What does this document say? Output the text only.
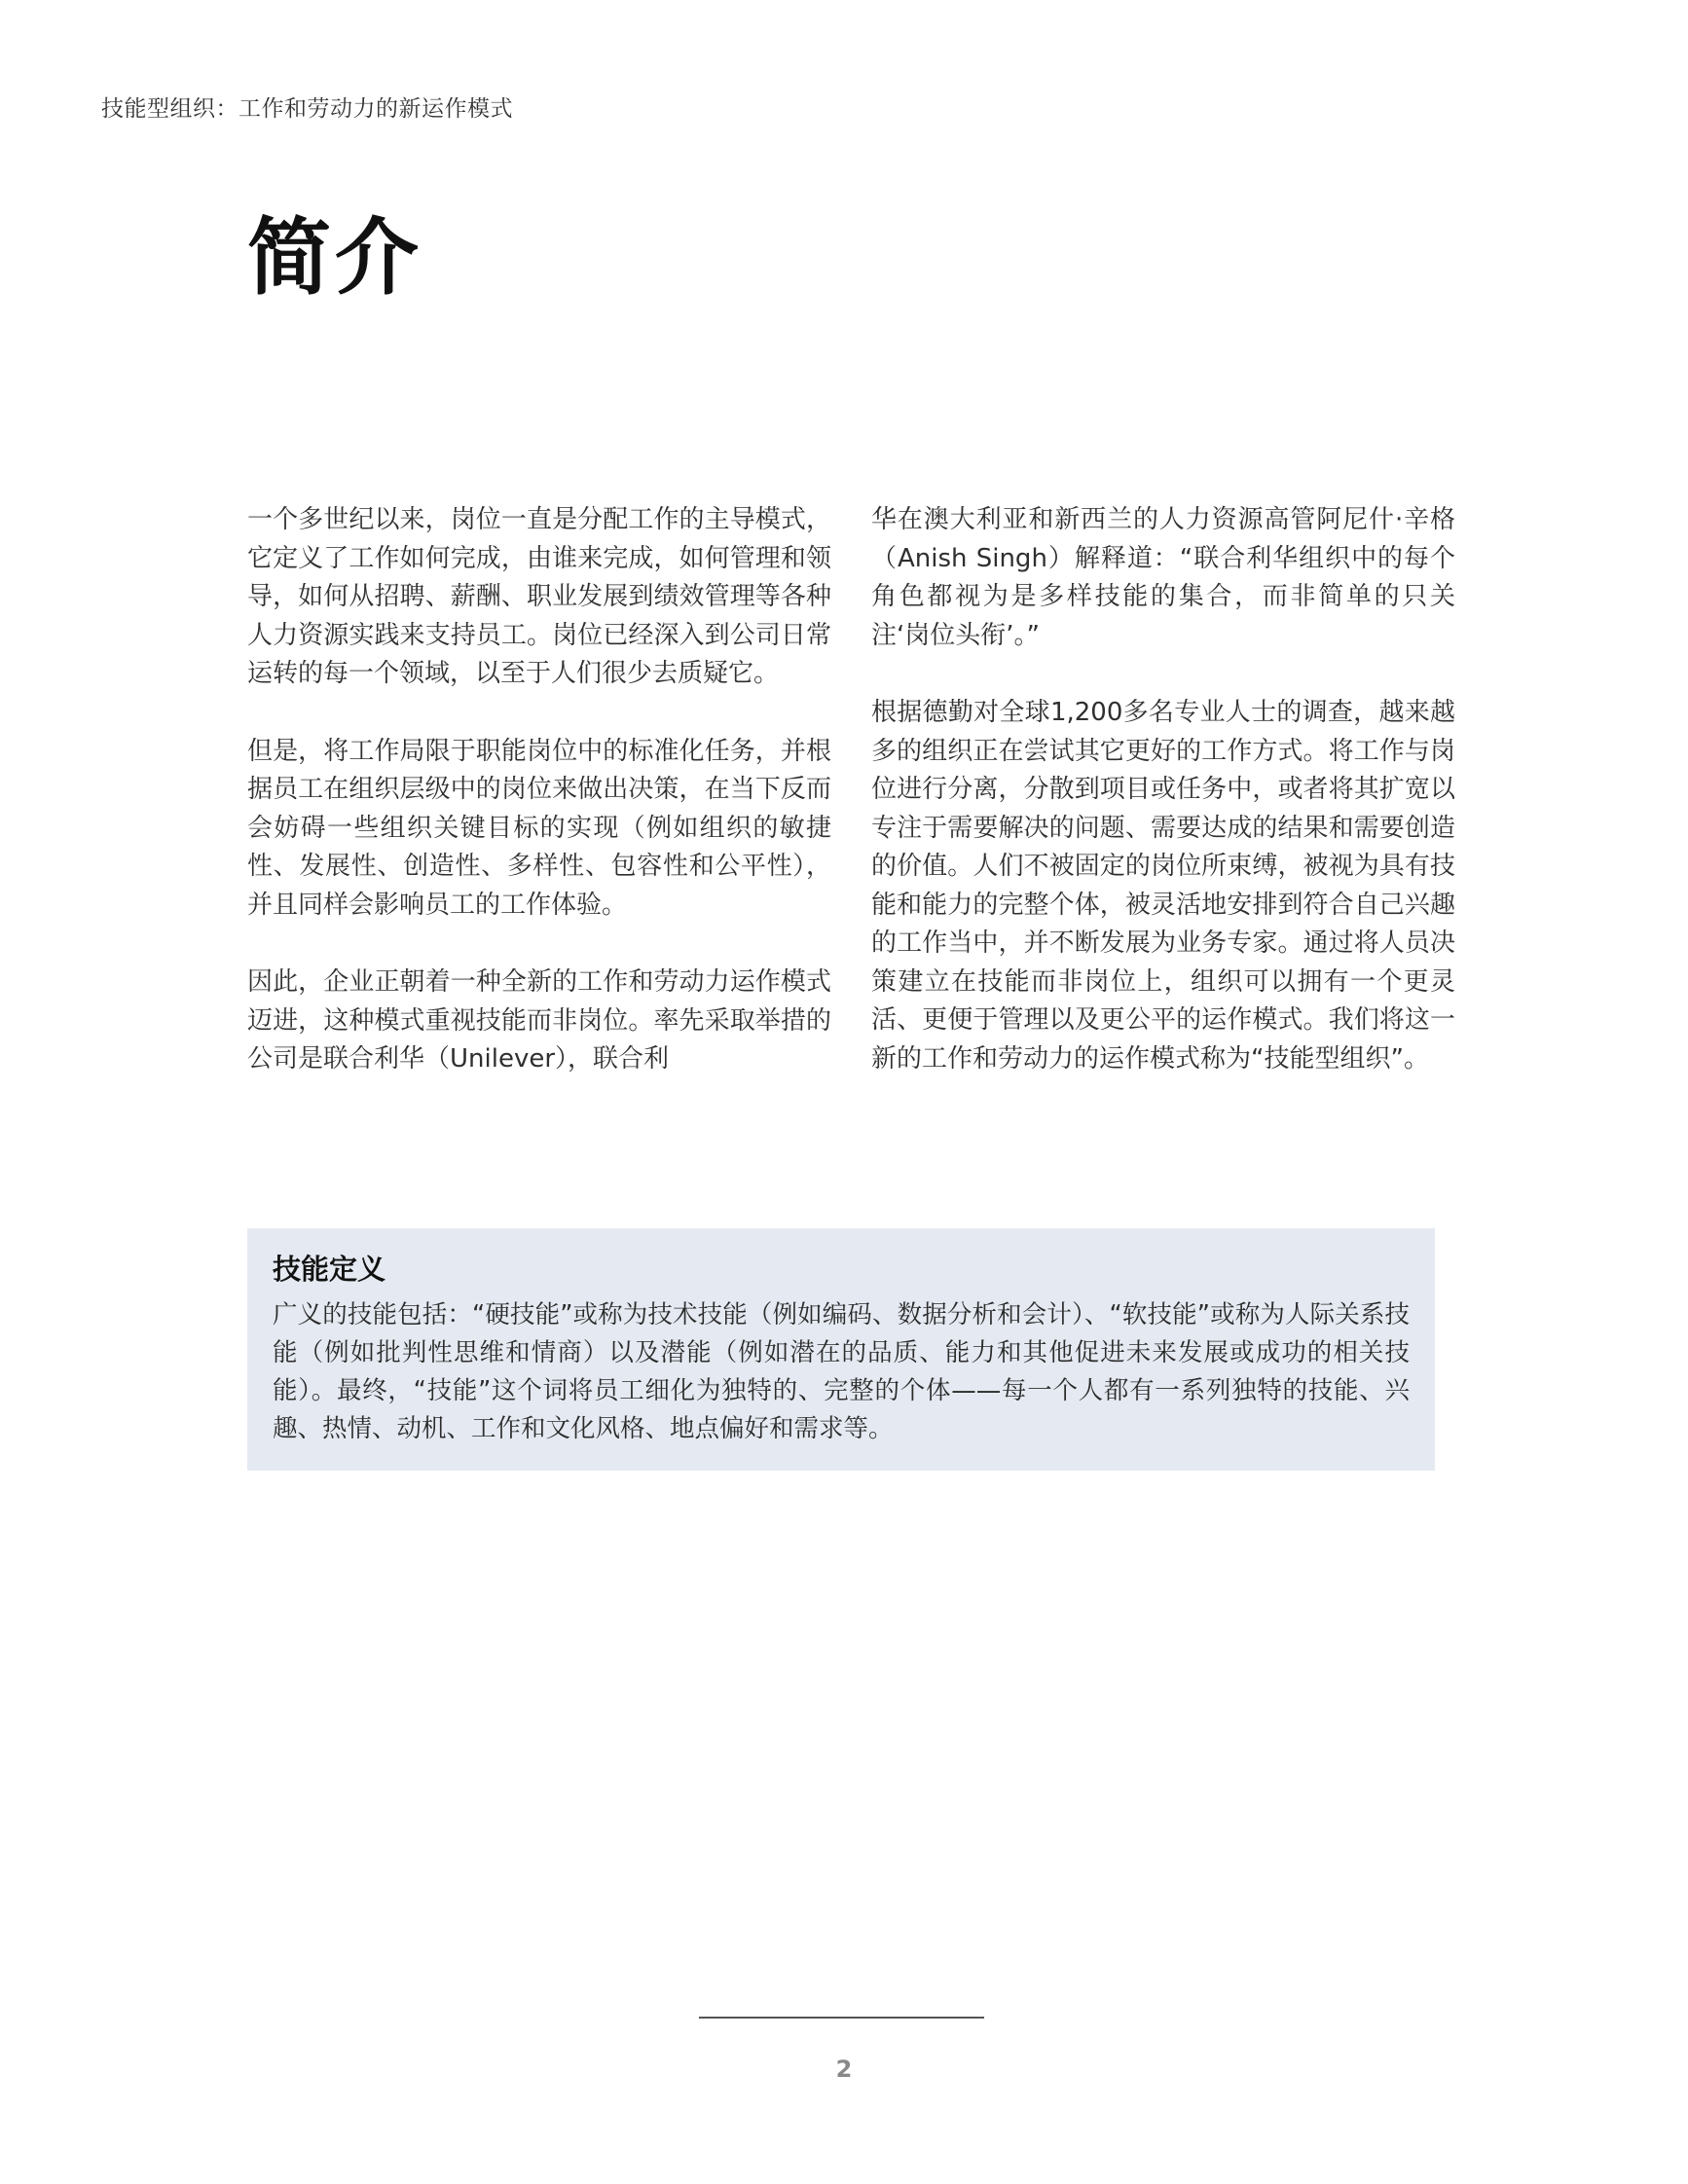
技能型组织：工作和劳动力的新运作模式
简介

一个多世纪以来，岗位一直是分配工作的主导模式，它定义了工作如何完成，由谁来完成，如何管理和领导，如何从招聘、薪酬、职业发展到绩效管理等各种人力资源实践来支持员工。岗位已经深入到公司日常运转的每一个领域，以至于人们很少去质疑它。

但是，将工作局限于职能岗位中的标准化任务，并根据员工在组织层级中的岗位来做出决策，在当下反而会妨碍一些组织关键目标的实现（例如组织的敏捷性、发展性、创造性、多样性、包容性和公平性），并且同样会影响员工的工作体验。

因此，企业正朝着一种全新的工作和劳动力运作模式迈进，这种模式重视技能而非岗位。率先采取举措的公司是联合利华（Unilever），联合利

华在澳大利亚和新西兰的人力资源高管阿尼什·辛格（Anish Singh）解释道：“联合利华组织中的每个角色都视为是多样技能的集合，而非简单的只关注‘岗位头衔’。”

根据德勤对全球1,200多名专业人士的调查，越来越多的组织正在尝试其它更好的工作方式。将工作与岗位进行分离，分散到项目或任务中，或者将其扩宽以专注于需要解决的问题、需要达成的结果和需要创造的价值。人们不被固定的岗位所束缚，被视为具有技能和能力的完整个体，被灵活地安排到符合自己兴趣的工作当中，并不断发展为业务专家。通过将人员决策建立在技能而非岗位上，组织可以拥有一个更灵活、更便于管理以及更公平的运作模式。我们将这一新的工作和劳动力的运作模式称为“技能型组织”。

技能定义

广义的技能包括：“硬技能”或称为技术技能（例如编码、数据分析和会计）、“软技能”或称为人际关系技能（例如批判性思维和情商）以及潜能（例如潜在的品质、能力和其他促进未来发展或成功的相关技能）。最终，“技能”这个词将员工细化为独特的、完整的个体——每一个人都有一系列独特的技能、兴趣、热情、动机、工作和文化风格、地点偏好和需求等。

2
